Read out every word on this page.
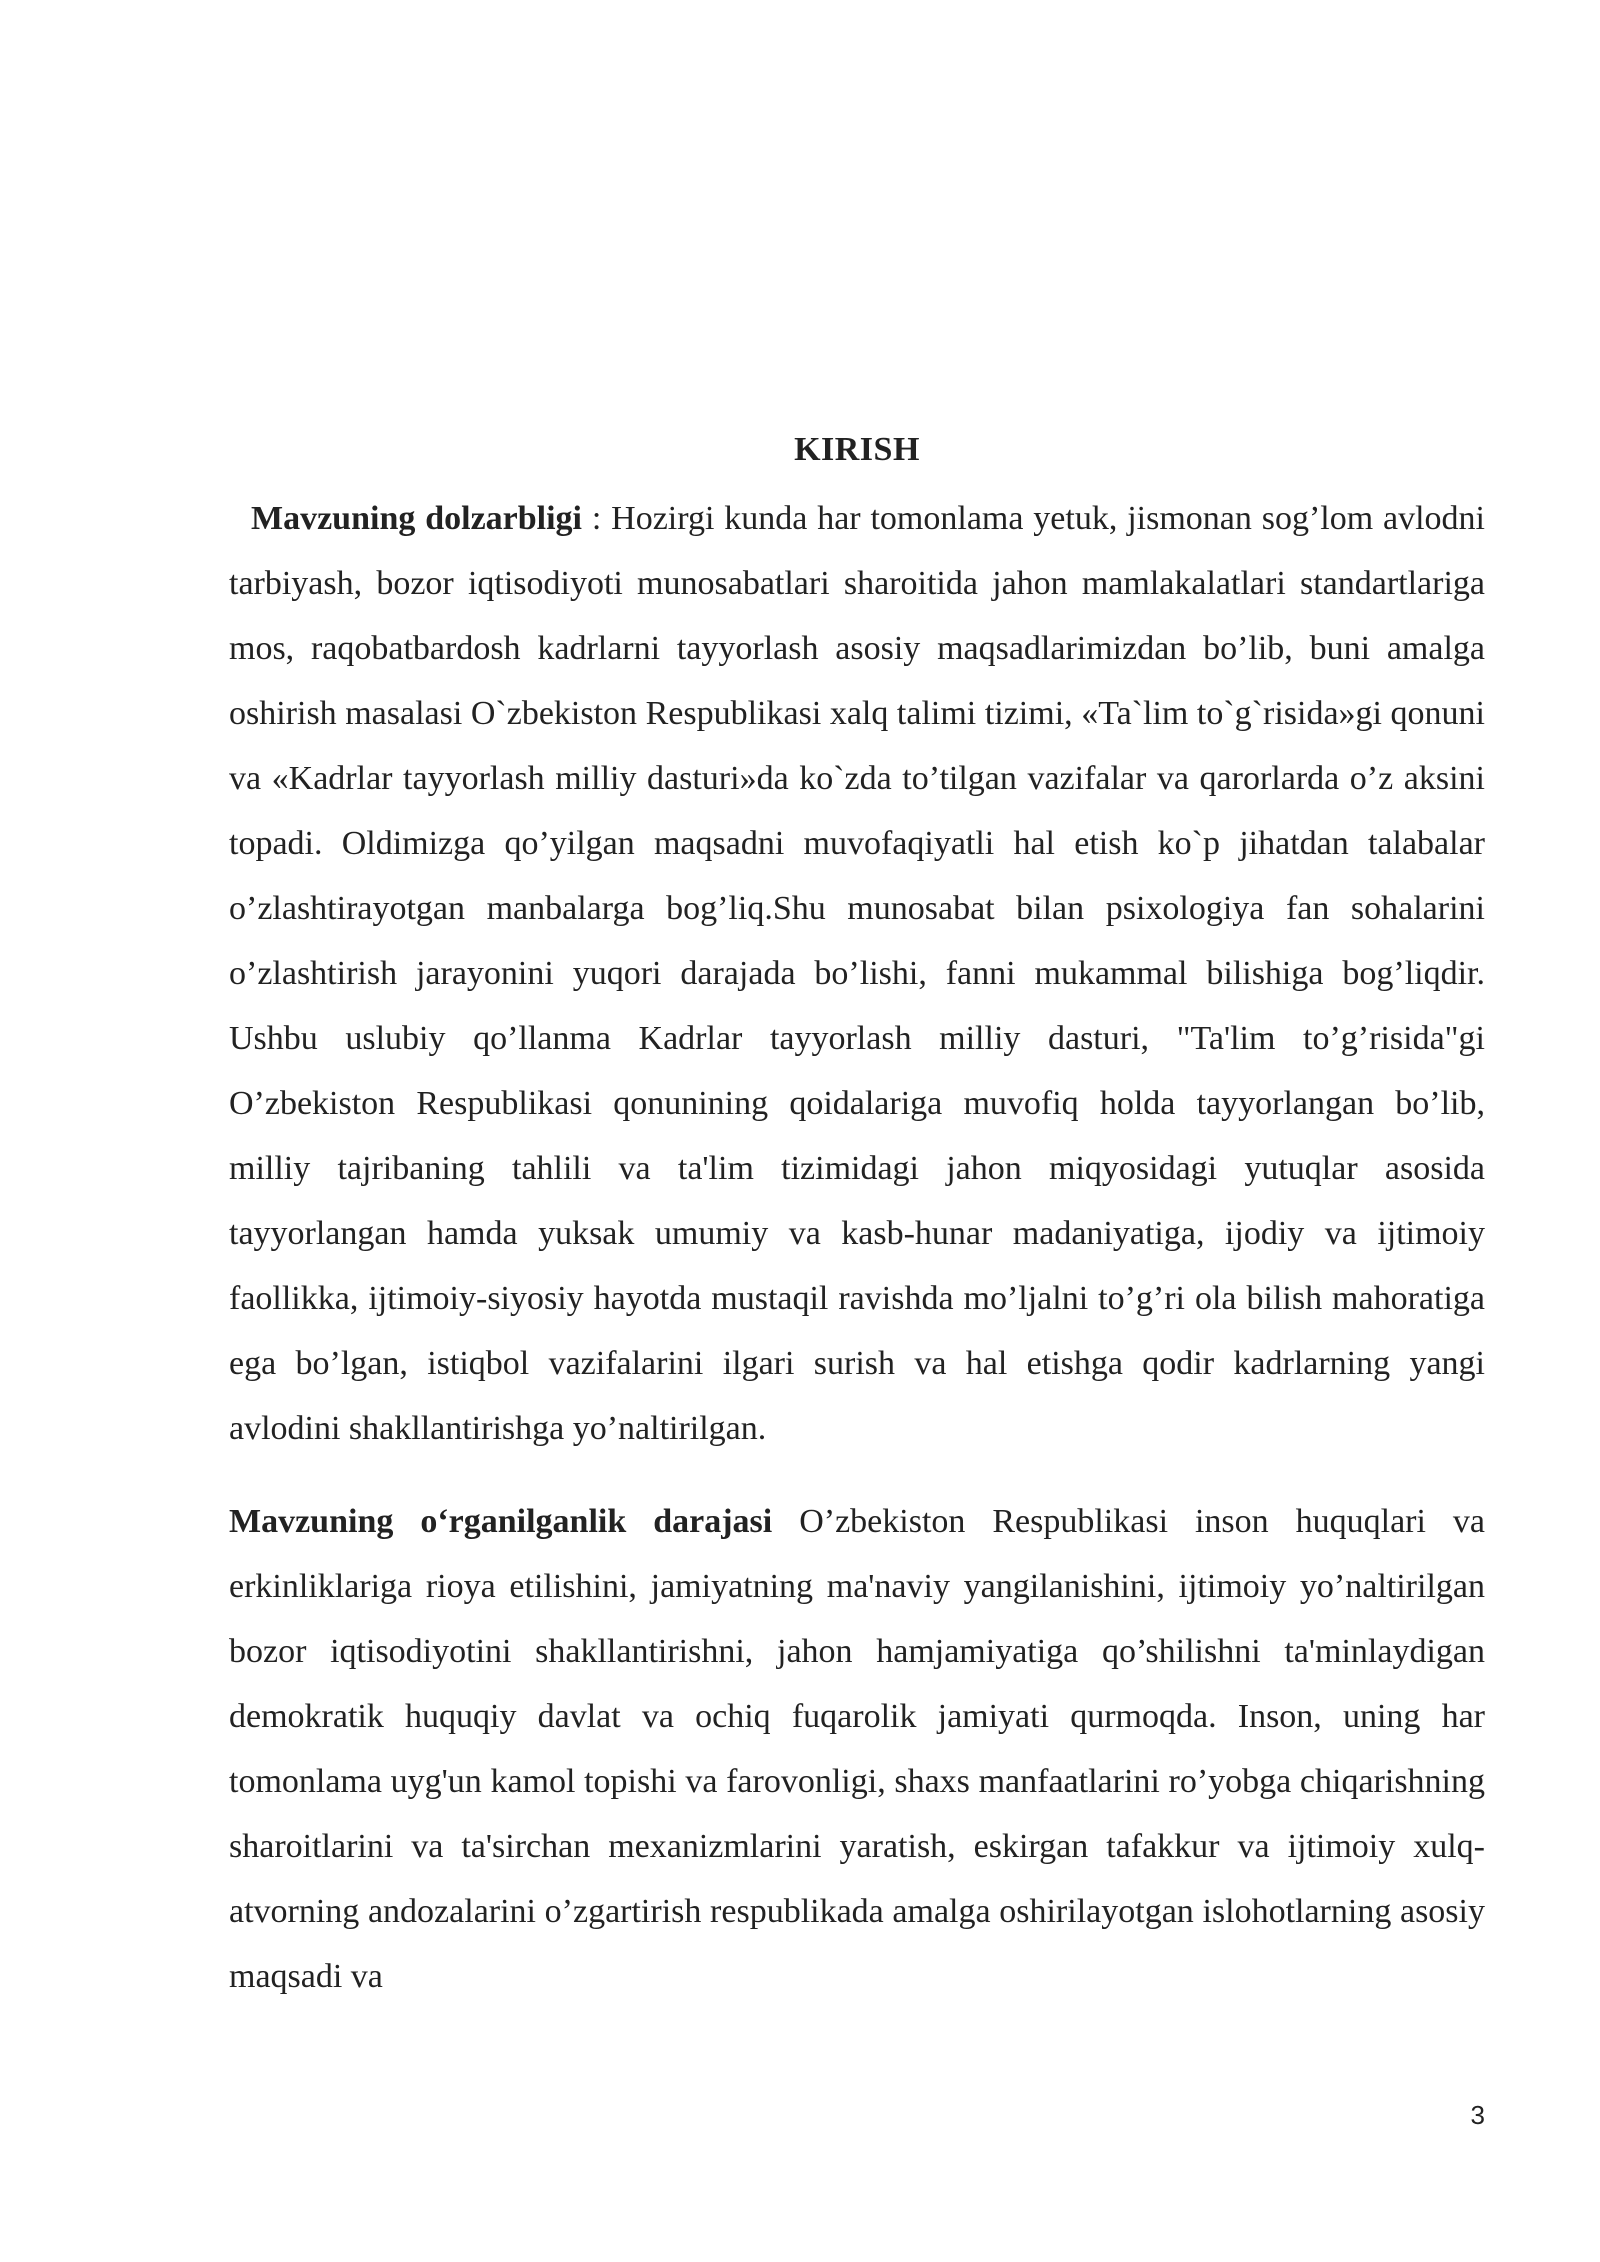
KIRISH

Mavzuning dolzarbligi : Hozirgi kunda har tomonlama yetuk, jismonan sog’lom avlodni tarbiyash, bozor iqtisodiyoti munosabatlari sharoitida jahon mamlakalatlari standartlariga mos, raqobatbardosh kadrlarni tayyorlash asosiy maqsadlarimizdan bo’lib, buni amalga oshirish masalasi O`zbekiston Respublikasi xalq talimi tizimi, «Ta`lim to`g`risida»gi qonuni va «Kadrlar tayyorlash milliy dasturi»da ko`zda to’tilgan vazifalar va qarorlarda o’z aksini topadi. Oldimizga qo’yilgan maqsadni muvofaqiyatli hal etish ko`p jihatdan talabalar o’zlashtirayotgan manbalarga bog’liq.Shu munosabat bilan psixologiya fan sohalarini o’zlashtirish jarayonini yuqori darajada bo’lishi, fanni mukammal bilishiga bog’liqdir. Ushbu uslubiy qo’llanma Kadrlar tayyorlash milliy dasturi, "Ta'lim to’g’risida"gi O’zbekiston Respublikasi qonunining qoidalariga muvofiq holda tayyorlangan bo’lib, milliy tajribaning tahlili va ta'lim tizimidagi jahon miqyosidagi yutuqlar asosida tayyorlangan hamda yuksak umumiy va kasb-hunar madaniyatiga, ijodiy va ijtimoiy faollikka, ijtimoiy-siyosiy hayotda mustaqil ravishda mo’ljalni to’g’ri ola bilish mahoratiga ega bo’lgan, istiqbol vazifalarini ilgari surish va hal etishga qodir kadrlarning yangi avlodini shakllantirishga yo’naltirilgan.

Mavzuning o‘rganilganlik darajasi O’zbekiston Respublikasi inson huquqlari va erkinliklariga rioya etilishini, jamiyatning ma'naviy yangilanishini, ijtimoiy yo’naltirilgan bozor iqtisodiyotini shakllantirishni, jahon hamjamiyatiga qo’shilishni ta'minlaydigan demokratik huquqiy davlat va ochiq fuqarolik jamiyati qurmoqda. Inson, uning har tomonlama uyg'un kamol topishi va farovonligi, shaxs manfaatlarini ro’yobga chiqarishning sharoitlarini va ta'sirchan mexanizmlarini yaratish, eskirgan tafakkur va ijtimoiy xulq-atvorning andozalarini o’zgartirish respublikada amalga oshirilayotgan islohotlarning asosiy maqsadi va

3
